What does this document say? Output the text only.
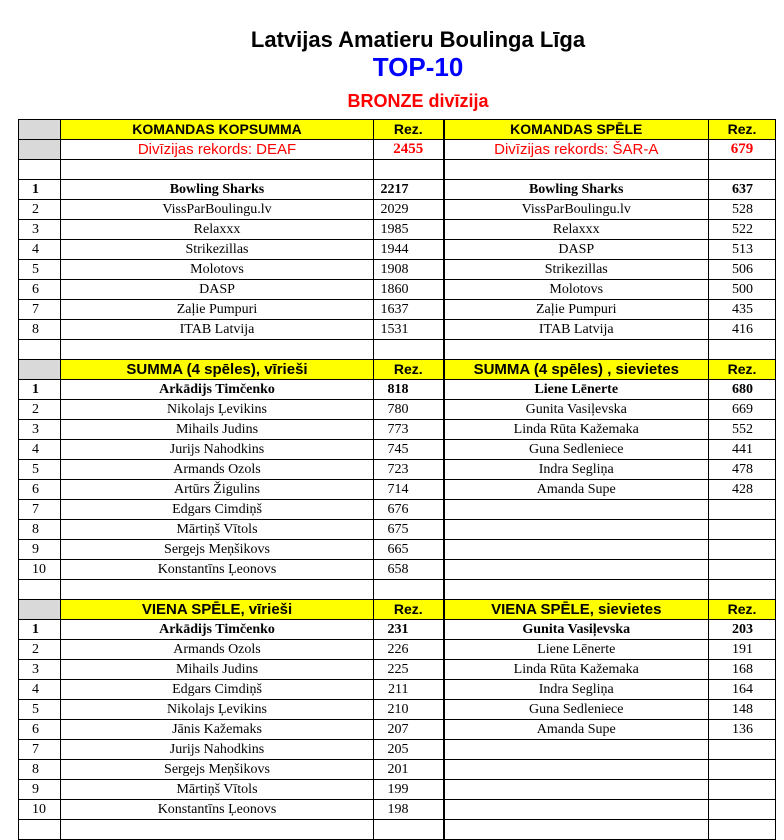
Latvijas Amatieru Boulinga Līga
TOP-10
BRONZE divīzija
	KOMANDAS KOPSUMMA	Rez.	KOMANDAS SPĒLE	Rez.
	Divīzijas rekords: DEAF	2455	Divīzijas rekords: ŠAR-A	679

1	Bowling Sharks	2217	Bowling Sharks	637
2	VissParBoulingu.lv	2029	VissParBoulingu.lv	528
3	Relaxxx	1985	Relaxxx	522
4	Strikezillas	1944	DASP	513
5	Molotovs	1908	Strikezillas	506
6	DASP	1860	Molotovs	500
7	Zaļie Pumpuri	1637	Zaļie Pumpuri	435
8	ITAB Latvija	1531	ITAB Latvija	416

	SUMMA (4 spēles), vīrieši	Rez.	SUMMA (4 spēles) , sievietes	Rez.
1	Arkādijs Timčenko	818	Liene Lēnerte	680
2	Nikolajs Ļevikins	780	Gunita Vasiļevska	669
3	Mihails Judins	773	Linda Rūta Kažemaka	552
4	Jurijs Nahodkins	745	Guna Sedleniece	441
5	Armands Ozols	723	Indra Segliņa	478
6	Artūrs Žigulins	714	Amanda Supe	428
7	Edgars Cimdiņš	676		
8	Mārtiņš Vītols	675		
9	Sergejs Meņšikovs	665		
10	Konstantīns Ļeonovs	658		

	VIENA SPĒLE, vīrieši	Rez.	VIENA SPĒLE, sievietes	Rez.
1	Arkādijs Timčenko	231	Gunita Vasiļevska	203
2	Armands Ozols	226	Liene Lēnerte	191
3	Mihails Judins	225	Linda Rūta Kažemaka	168
4	Edgars Cimdiņš	211	Indra Segliņa	164
5	Nikolajs Ļevikins	210	Guna Sedleniece	148
6	Jānis Kažemaks	207	Amanda Supe	136
7	Jurijs Nahodkins	205		
8	Sergejs Meņšikovs	201		
9	Mārtiņš Vītols	199		
10	Konstantīns Ļeonovs	198		
